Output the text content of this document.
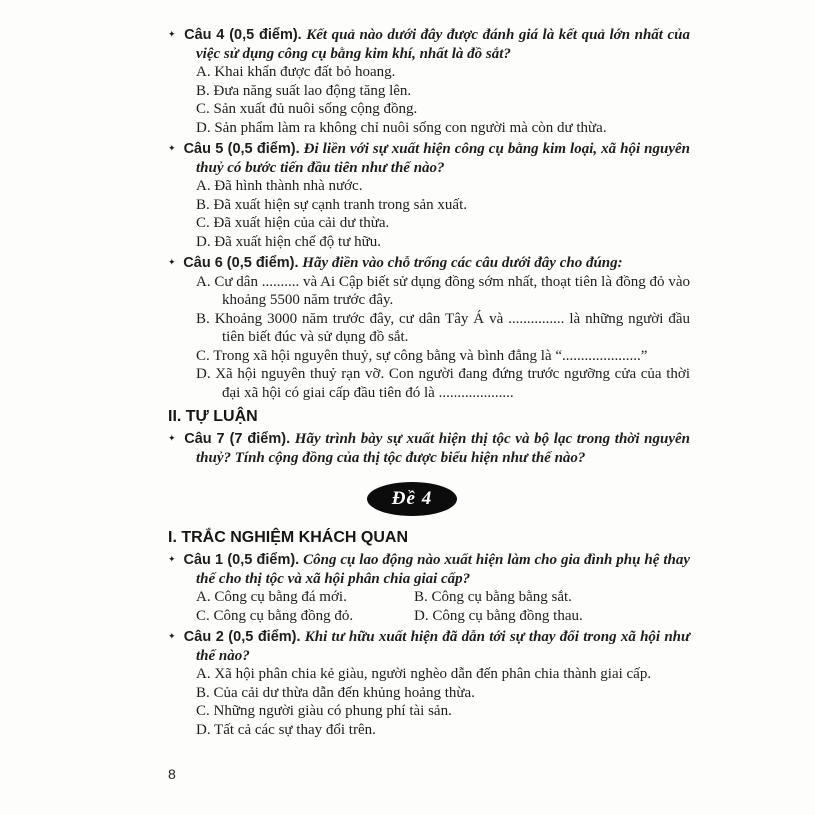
✦ Câu 4 (0,5 điểm). Kết quả nào dưới đây được đánh giá là kết quả lớn nhất của việc sử dụng công cụ bằng kim khí, nhất là đồ sắt?

A. Khai khẩn được đất bỏ hoang.

B. Đưa năng suất lao động tăng lên.

C. Sản xuất đủ nuôi sống cộng đồng.

D. Sản phẩm làm ra không chỉ nuôi sống con người mà còn dư thừa.

✦ Câu 5 (0,5 điểm). Đi liền với sự xuất hiện công cụ bằng kim loại, xã hội nguyên thuỷ có bước tiến đầu tiên như thế nào?

A. Đã hình thành nhà nước.

B. Đã xuất hiện sự cạnh tranh trong sản xuất.

C. Đã xuất hiện của cải dư thừa.

D. Đã xuất hiện chế độ tư hữu.

✦ Câu 6 (0,5 điểm). Hãy điền vào chỗ trống các câu dưới đây cho đúng:

A. Cư dân .......... và Ai Cập biết sử dụng đồng sớm nhất, thoạt tiên là đồng đỏ vào khoảng 5500 năm trước đây.

B. Khoảng 3000 năm trước đây, cư dân Tây Á và ............... là những người đầu tiên biết đúc và sử dụng đồ sắt.

C. Trong xã hội nguyên thuỷ, sự công bằng và bình đẳng là “.....................”

D. Xã hội nguyên thuỷ rạn vỡ. Con người đang đứng trước ngưỡng cửa của thời đại xã hội có giai cấp đầu tiên đó là ....................

II. TỰ LUẬN

✦ Câu 7 (7 điểm). Hãy trình bày sự xuất hiện thị tộc và bộ lạc trong thời nguyên thuỷ? Tính cộng đồng của thị tộc được biểu hiện như thế nào?

Đề 4
I. TRẮC NGHIỆM KHÁCH QUAN

✦ Câu 1 (0,5 điểm). Công cụ lao động nào xuất hiện làm cho gia đình phụ hệ thay thế cho thị tộc và xã hội phân chia giai cấp?

A. Công cụ bằng đá mới.	B. Công cụ bằng bằng sắt.

C. Công cụ bằng đồng đỏ.	D. Công cụ bằng đồng thau.

✦ Câu 2 (0,5 điểm). Khi tư hữu xuất hiện đã dẫn tới sự thay đổi trong xã hội như thế nào?

A. Xã hội phân chia kẻ giàu, người nghèo dẫn đến phân chia thành giai cấp.

B. Của cải dư thừa dẫn đến khủng hoảng thừa.

C. Những người giàu có phung phí tài sản.

D. Tất cả các sự thay đổi trên.

8
